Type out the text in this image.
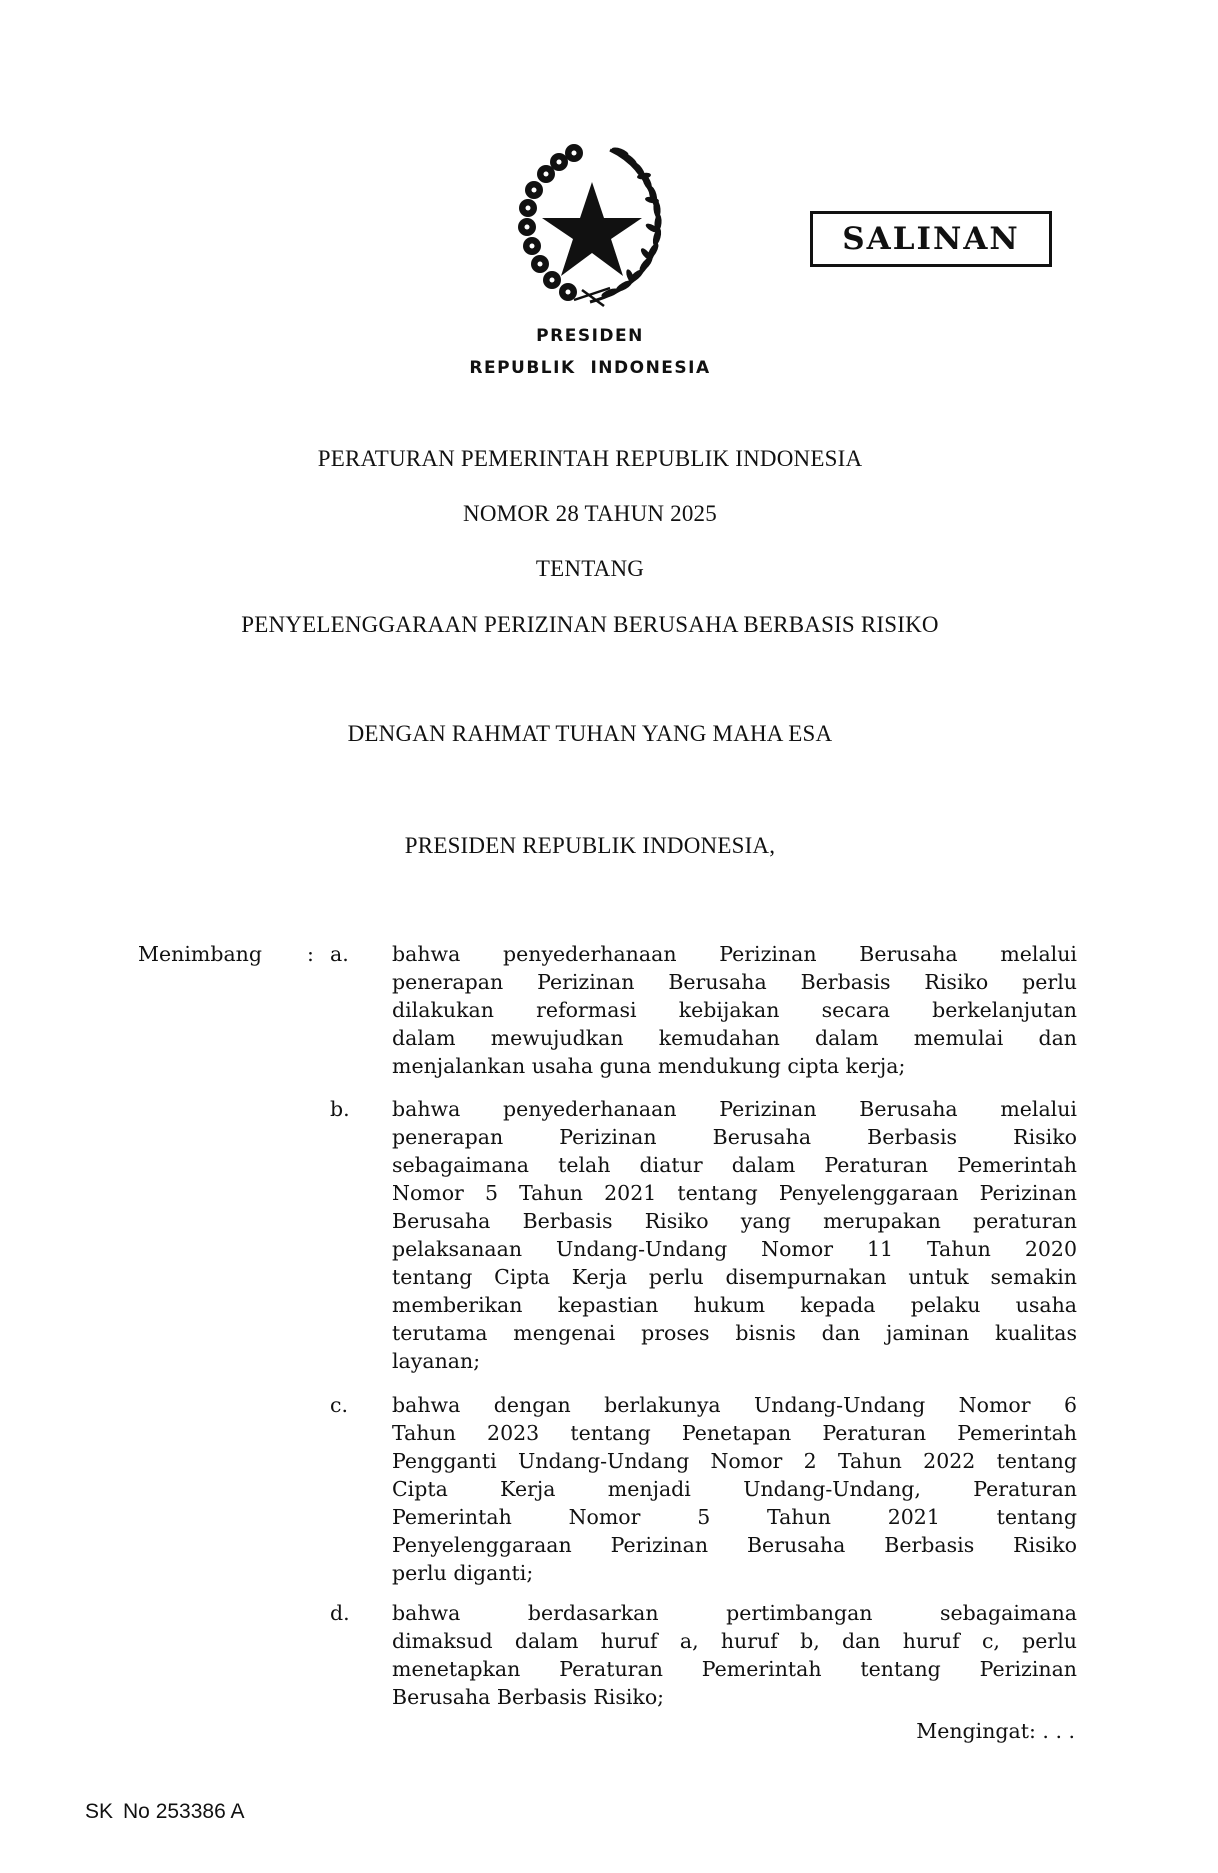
SALINAN
PRESIDEN
REPUBLIK  INDONESIA
PERATURAN PEMERINTAH REPUBLIK INDONESIA
NOMOR 28 TAHUN 2025
TENTANG
PENYELENGGARAAN PERIZINAN BERUSAHA BERBASIS RISIKO
DENGAN RAHMAT TUHAN YANG MAHA ESA
PRESIDEN REPUBLIK INDONESIA,
Menimbang : a.	bahwa penyederhanaan Perizinan Berusaha melalui
penerapan Perizinan Berusaha Berbasis Risiko perlu
dilakukan reformasi kebijakan secara berkelanjutan
dalam mewujudkan kemudahan dalam memulai dan
menjalankan usaha guna mendukung cipta kerja;
b.	bahwa penyederhanaan Perizinan Berusaha melalui
penerapan Perizinan Berusaha Berbasis Risiko
sebagaimana telah diatur dalam Peraturan Pemerintah
Nomor 5 Tahun 2021 tentang Penyelenggaraan Perizinan
Berusaha Berbasis Risiko yang merupakan peraturan
pelaksanaan Undang-Undang Nomor 11 Tahun 2020
tentang Cipta Kerja perlu disempurnakan untuk semakin
memberikan kepastian hukum kepada pelaku usaha
terutama mengenai proses bisnis dan jaminan kualitas
layanan;
c.	bahwa dengan berlakunya Undang-Undang Nomor 6
Tahun 2023 tentang Penetapan Peraturan Pemerintah
Pengganti Undang-Undang Nomor 2 Tahun 2022 tentang
Cipta Kerja menjadi Undang-Undang, Peraturan
Pemerintah Nomor 5 Tahun 2021 tentang
Penyelenggaraan Perizinan Berusaha Berbasis Risiko
perlu diganti;
d.	bahwa berdasarkan pertimbangan sebagaimana
dimaksud dalam huruf a, huruf b, dan huruf c, perlu
menetapkan Peraturan Pemerintah tentang Perizinan
Berusaha Berbasis Risiko;
Mengingat: . . .
SK No 253386 A
